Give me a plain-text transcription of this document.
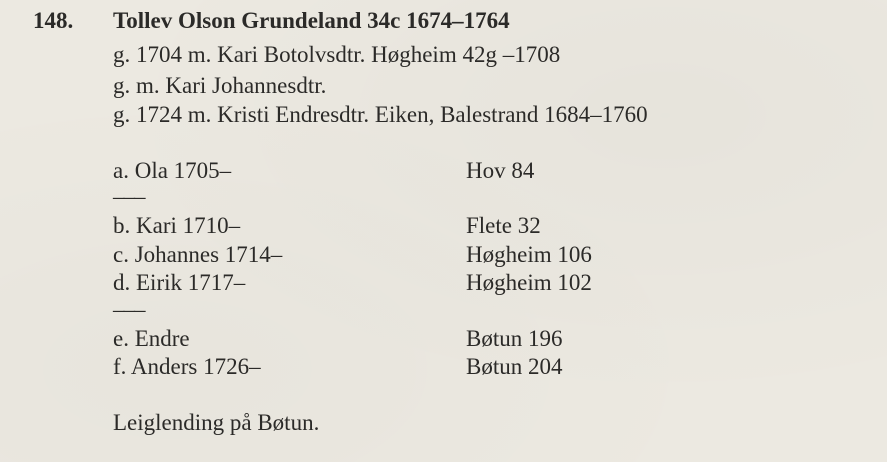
148. Tollev Olson Grundeland 34c 1674–1764
g. 1704 m. Kari Botolvsdtr. Høgheim 42g –1708
g. m. Kari Johannesdtr.
g. 1724 m. Kristi Endresdtr. Eiken, Balestrand 1684–1760
a. Ola 1705–	Hov 84
–––
b. Kari 1710–	Flete 32
c. Johannes 1714–	Høgheim 106
d. Eirik 1717–	Høgheim 102
–––
e. Endre	Bøtun 196
f. Anders 1726–	Bøtun 204
Leiglending på Bøtun.
